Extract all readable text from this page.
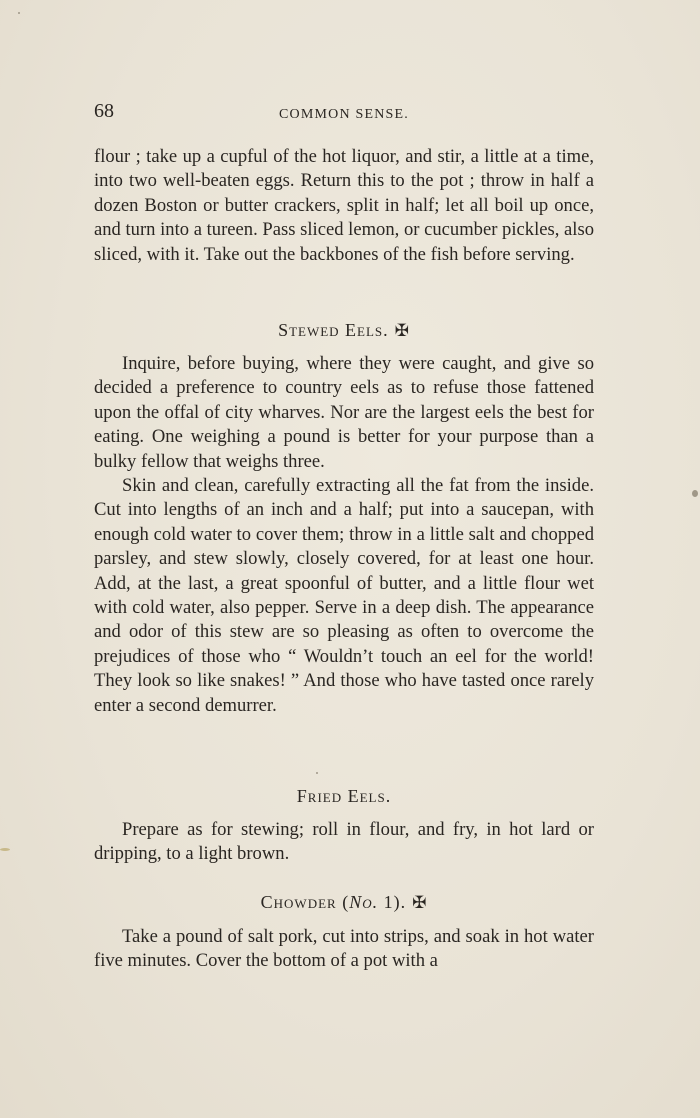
68	COMMON SENSE.

flour ; take up a cupful of the hot liquor, and stir, a little at a time, into two well-beaten eggs. Return this to the pot ; throw in half a dozen Boston or butter crackers, split in half; let all boil up once, and turn into a tureen. Pass sliced lemon, or cucumber pickles, also sliced, with it. Take out the backbones of the fish before serving.

Stewed Eels. ✠

Inquire, before buying, where they were caught, and give so decided a preference to country eels as to refuse those fattened upon the offal of city wharves. Nor are the largest eels the best for eating. One weighing a pound is better for your purpose than a bulky fellow that weighs three.

Skin and clean, carefully extracting all the fat from the inside. Cut into lengths of an inch and a half; put into a saucepan, with enough cold water to cover them; throw in a little salt and chopped parsley, and stew slowly, closely covered, for at least one hour. Add, at the last, a great spoonful of butter, and a little flour wet with cold water, also pepper. Serve in a deep dish. The appearance and odor of this stew are so pleasing as often to overcome the prejudices of those who “ Wouldn’t touch an eel for the world! They look so like snakes! ” And those who have tasted once rarely enter a second demurrer.

Fried Eels.

Prepare as for stewing; roll in flour, and fry, in hot lard or dripping, to a light brown.

Chowder (No. 1). ✠

Take a pound of salt pork, cut into strips, and soak in hot water five minutes. Cover the bottom of a pot with a
